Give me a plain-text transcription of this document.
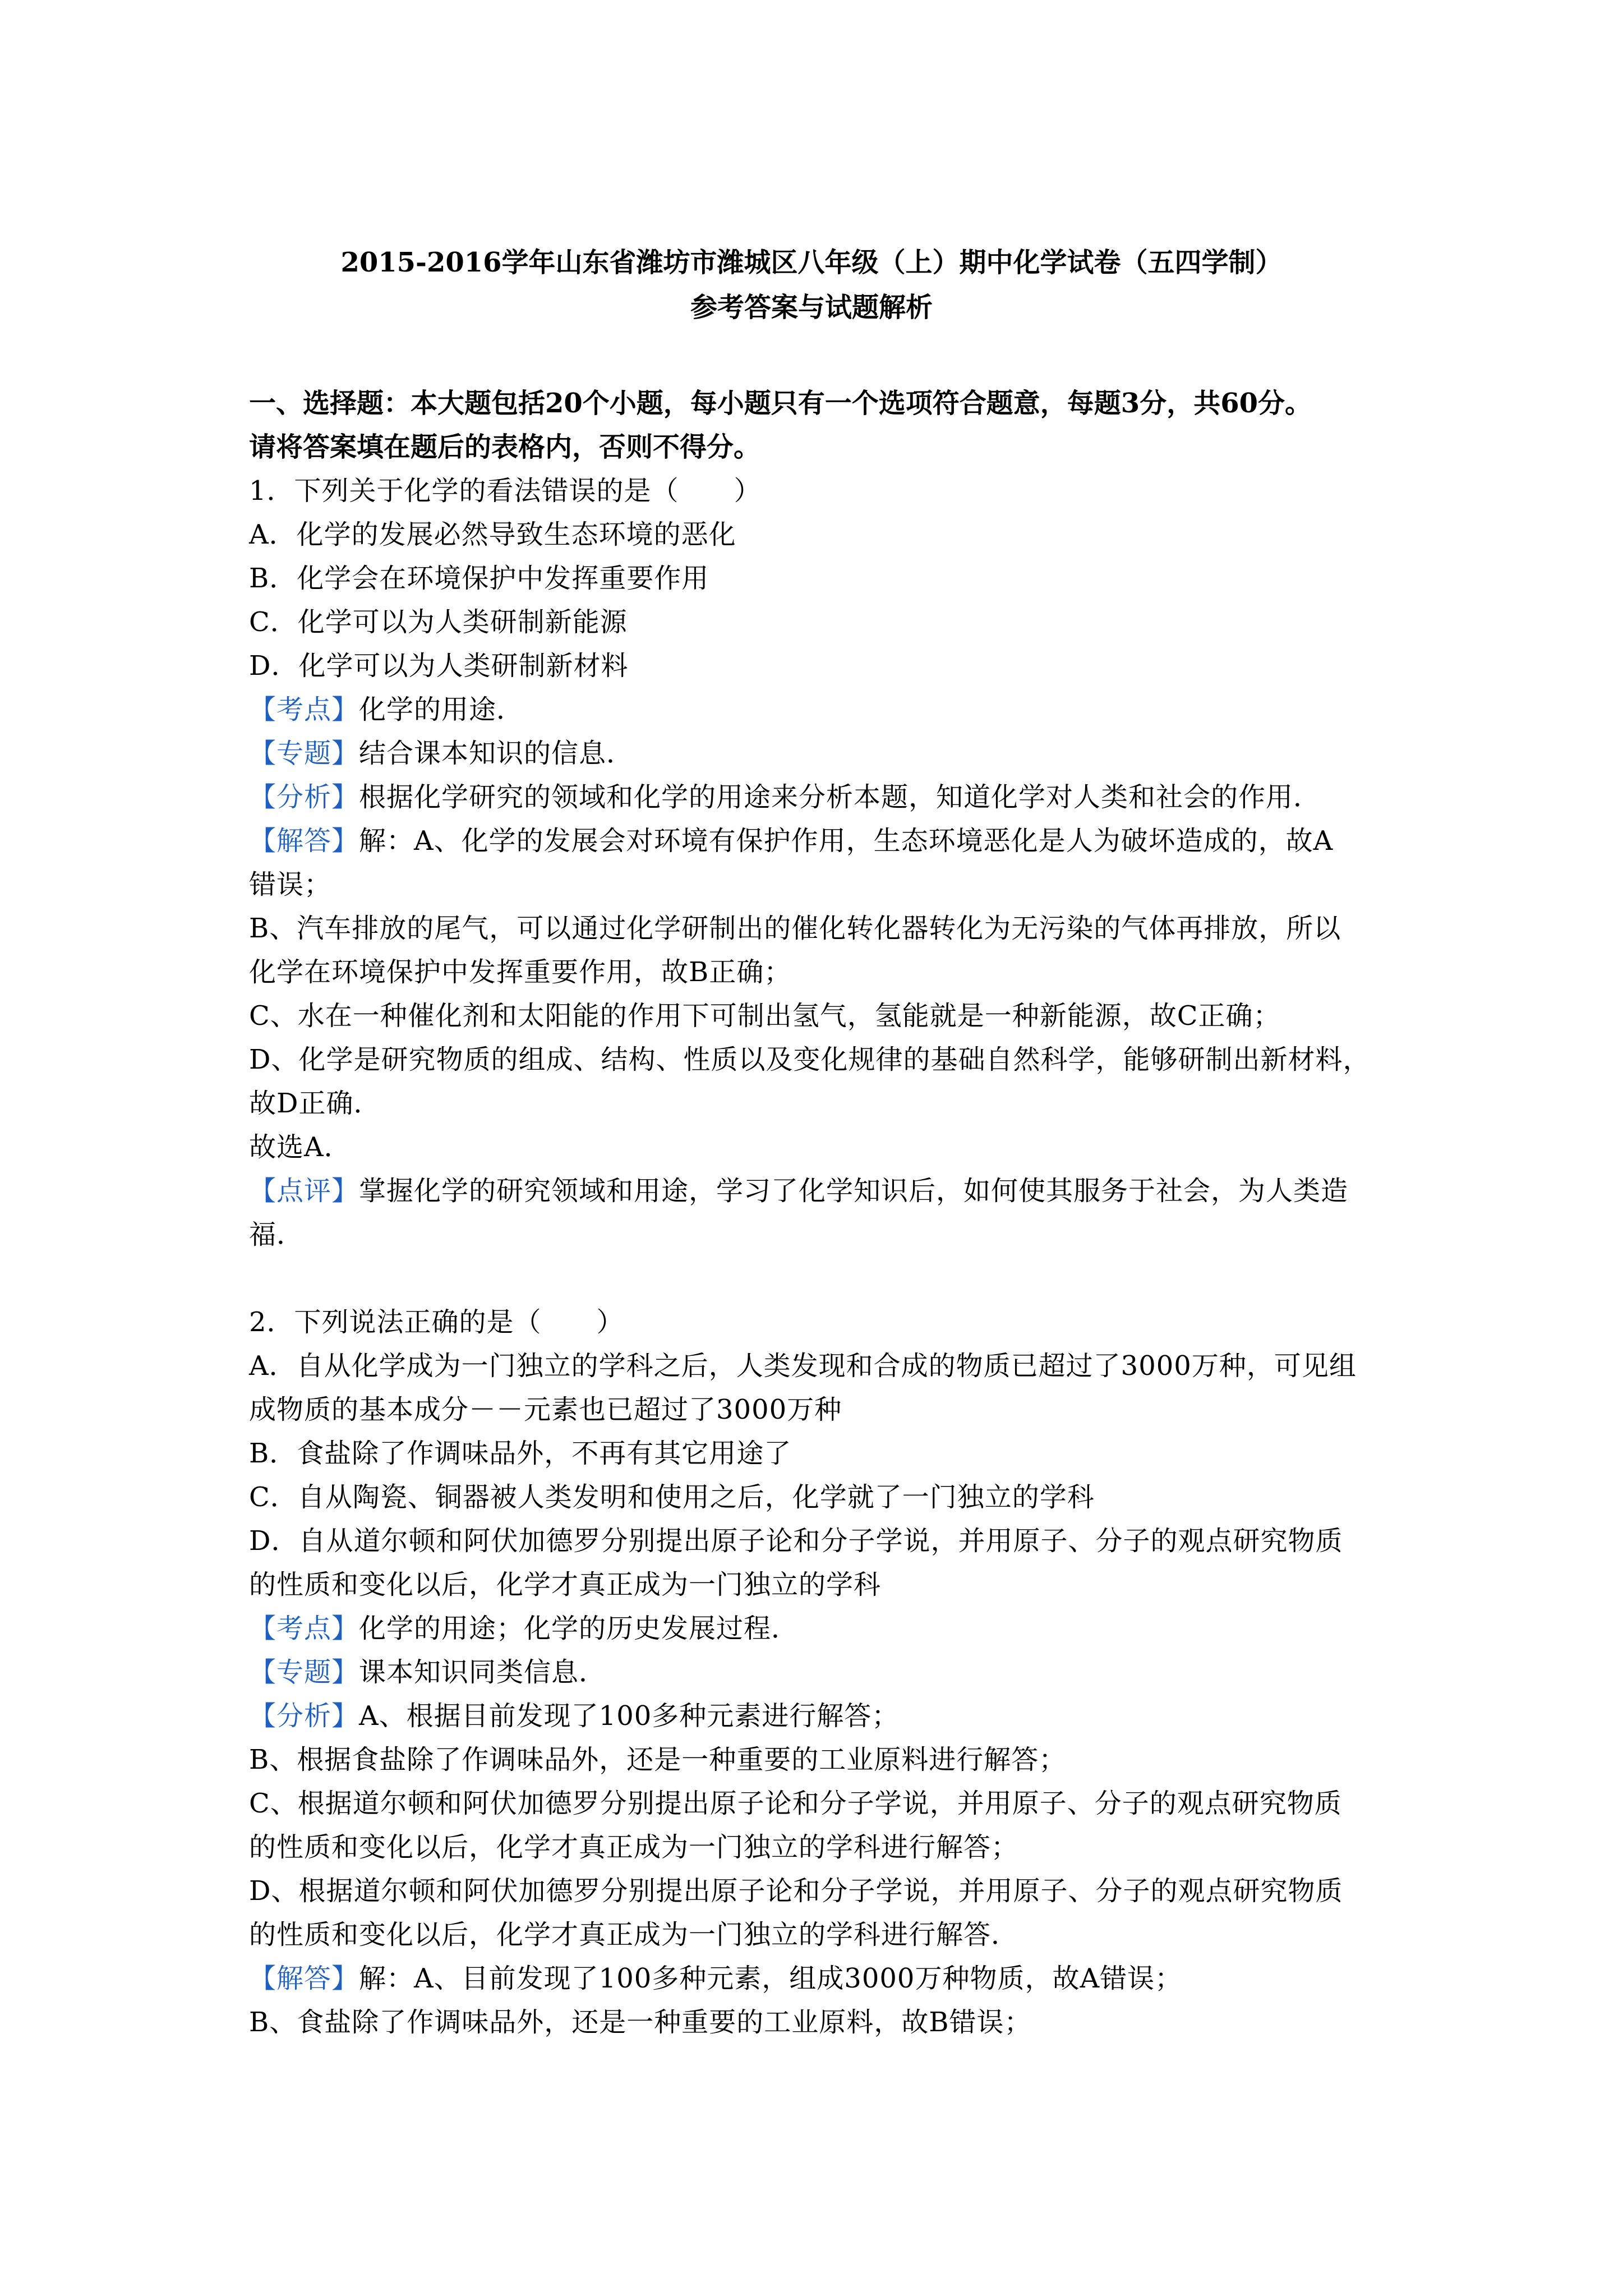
2015-2016学年山东省潍坊市潍城区八年级（上）期中化学试卷（五四学制）
参考答案与试题解析
一、选择题：本大题包括20个小题，每小题只有一个选项符合题意，每题3分，共60分。
请将答案填在题后的表格内，否则不得分。
1．下列关于化学的看法错误的是（　　）
A．化学的发展必然导致生态环境的恶化
B．化学会在环境保护中发挥重要作用
C．化学可以为人类研制新能源
D．化学可以为人类研制新材料
【考点】化学的用途．
【专题】结合课本知识的信息．
【分析】根据化学研究的领域和化学的用途来分析本题，知道化学对人类和社会的作用．
【解答】解：A、化学的发展会对环境有保护作用，生态环境恶化是人为破坏造成的，故A
错误；
B、汽车排放的尾气，可以通过化学研制出的催化转化器转化为无污染的气体再排放，所以
化学在环境保护中发挥重要作用，故B正确；
C、水在一种催化剂和太阳能的作用下可制出氢气，氢能就是一种新能源，故C正确；
D、化学是研究物质的组成、结构、性质以及变化规律的基础自然科学，能够研制出新材料，
故D正确．
故选A．
【点评】掌握化学的研究领域和用途，学习了化学知识后，如何使其服务于社会，为人类造
福．
2．下列说法正确的是（　　）
A．自从化学成为一门独立的学科之后，人类发现和合成的物质已超过了3000万种，可见组
成物质的基本成分－－元素也已超过了3000万种
B．食盐除了作调味品外，不再有其它用途了
C．自从陶瓷、铜器被人类发明和使用之后，化学就了一门独立的学科
D．自从道尔顿和阿伏加德罗分别提出原子论和分子学说，并用原子、分子的观点研究物质
的性质和变化以后，化学才真正成为一门独立的学科
【考点】化学的用途；化学的历史发展过程．
【专题】课本知识同类信息．
【分析】A、根据目前发现了100多种元素进行解答；
B、根据食盐除了作调味品外，还是一种重要的工业原料进行解答；
C、根据道尔顿和阿伏加德罗分别提出原子论和分子学说，并用原子、分子的观点研究物质
的性质和变化以后，化学才真正成为一门独立的学科进行解答；
D、根据道尔顿和阿伏加德罗分别提出原子论和分子学说，并用原子、分子的观点研究物质
的性质和变化以后，化学才真正成为一门独立的学科进行解答．
【解答】解：A、目前发现了100多种元素，组成3000万种物质，故A错误；
B、食盐除了作调味品外，还是一种重要的工业原料，故B错误；
